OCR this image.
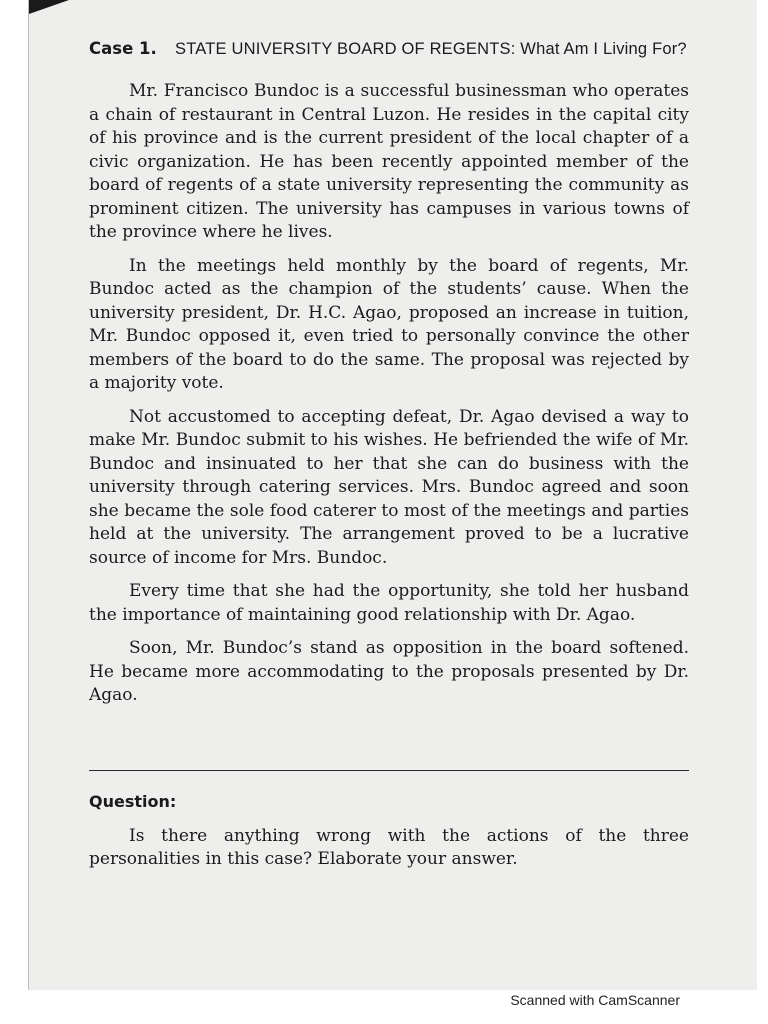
Case 1.	STATE UNIVERSITY BOARD OF REGENTS: What Am I Living For?

Mr. Francisco Bundoc is a successful businessman who operates a chain of restaurant in Central Luzon. He resides in the capital city of his province and is the current president of the local chapter of a civic organization. He has been recently appointed member of the board of regents of a state university representing the community as prominent citizen. The university has campuses in various towns of the province where he lives.

In the meetings held monthly by the board of regents, Mr. Bundoc acted as the champion of the students’ cause. When the university president, Dr. H.C. Agao, proposed an increase in tuition, Mr. Bundoc opposed it, even tried to personally convince the other members of the board to do the same. The proposal was rejected by a majority vote.

Not accustomed to accepting defeat, Dr. Agao devised a way to make Mr. Bundoc submit to his wishes. He befriended the wife of Mr. Bundoc and insinuated to her that she can do business with the university through catering services. Mrs. Bundoc agreed and soon she became the sole food caterer to most of the meetings and parties held at the university. The arrangement proved to be a lucrative source of income for Mrs. Bundoc.

Every time that she had the opportunity, she told her husband the importance of maintaining good relationship with Dr. Agao.

Soon, Mr. Bundoc’s stand as opposition in the board softened. He became more accommodating to the proposals presented by Dr. Agao.

Question:

Is there anything wrong with the actions of the three personalities in this case? Elaborate your answer.

Scanned with CamScanner
